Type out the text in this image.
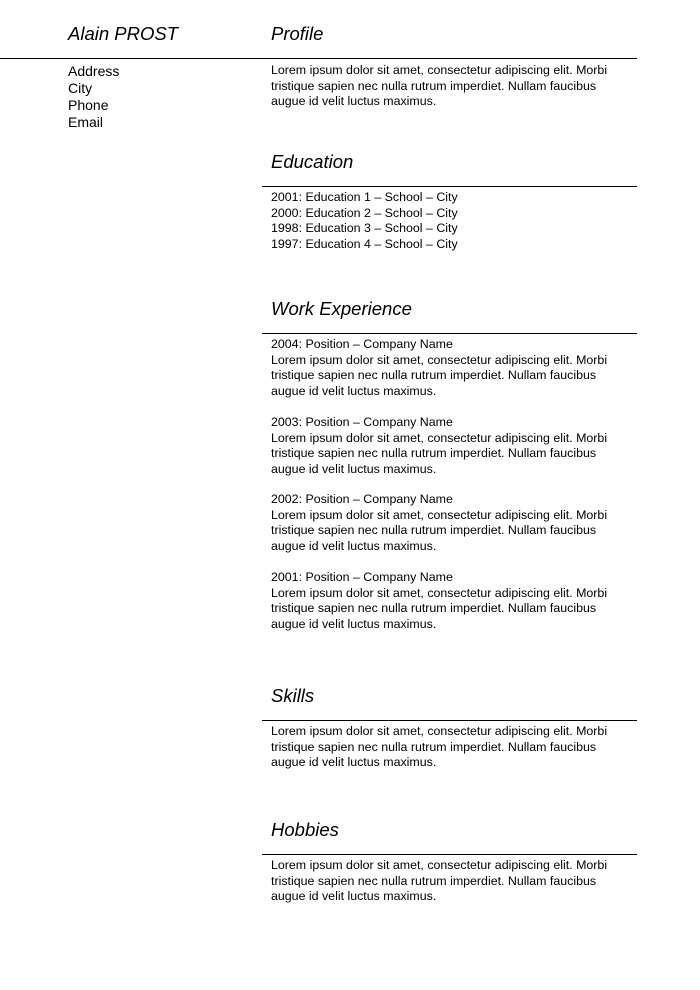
Alain PROST	Profile
Address
City
Phone
Email
Lorem ipsum dolor sit amet, consectetur adipiscing elit. Morbi
tristique sapien nec nulla rutrum imperdiet. Nullam faucibus
augue id velit luctus maximus.
Education
2001: Education 1 – School – City
2000: Education 2 – School – City
1998: Education 3 – School – City
1997: Education 4 – School – City
Work Experience
2004: Position – Company Name
Lorem ipsum dolor sit amet, consectetur adipiscing elit. Morbi
tristique sapien nec nulla rutrum imperdiet. Nullam faucibus
augue id velit luctus maximus.
2003: Position – Company Name
Lorem ipsum dolor sit amet, consectetur adipiscing elit. Morbi
tristique sapien nec nulla rutrum imperdiet. Nullam faucibus
augue id velit luctus maximus.
2002: Position – Company Name
Lorem ipsum dolor sit amet, consectetur adipiscing elit. Morbi
tristique sapien nec nulla rutrum imperdiet. Nullam faucibus
augue id velit luctus maximus.
2001: Position – Company Name
Lorem ipsum dolor sit amet, consectetur adipiscing elit. Morbi
tristique sapien nec nulla rutrum imperdiet. Nullam faucibus
augue id velit luctus maximus.
Skills
Lorem ipsum dolor sit amet, consectetur adipiscing elit. Morbi
tristique sapien nec nulla rutrum imperdiet. Nullam faucibus
augue id velit luctus maximus.
Hobbies
Lorem ipsum dolor sit amet, consectetur adipiscing elit. Morbi
tristique sapien nec nulla rutrum imperdiet. Nullam faucibus
augue id velit luctus maximus.
